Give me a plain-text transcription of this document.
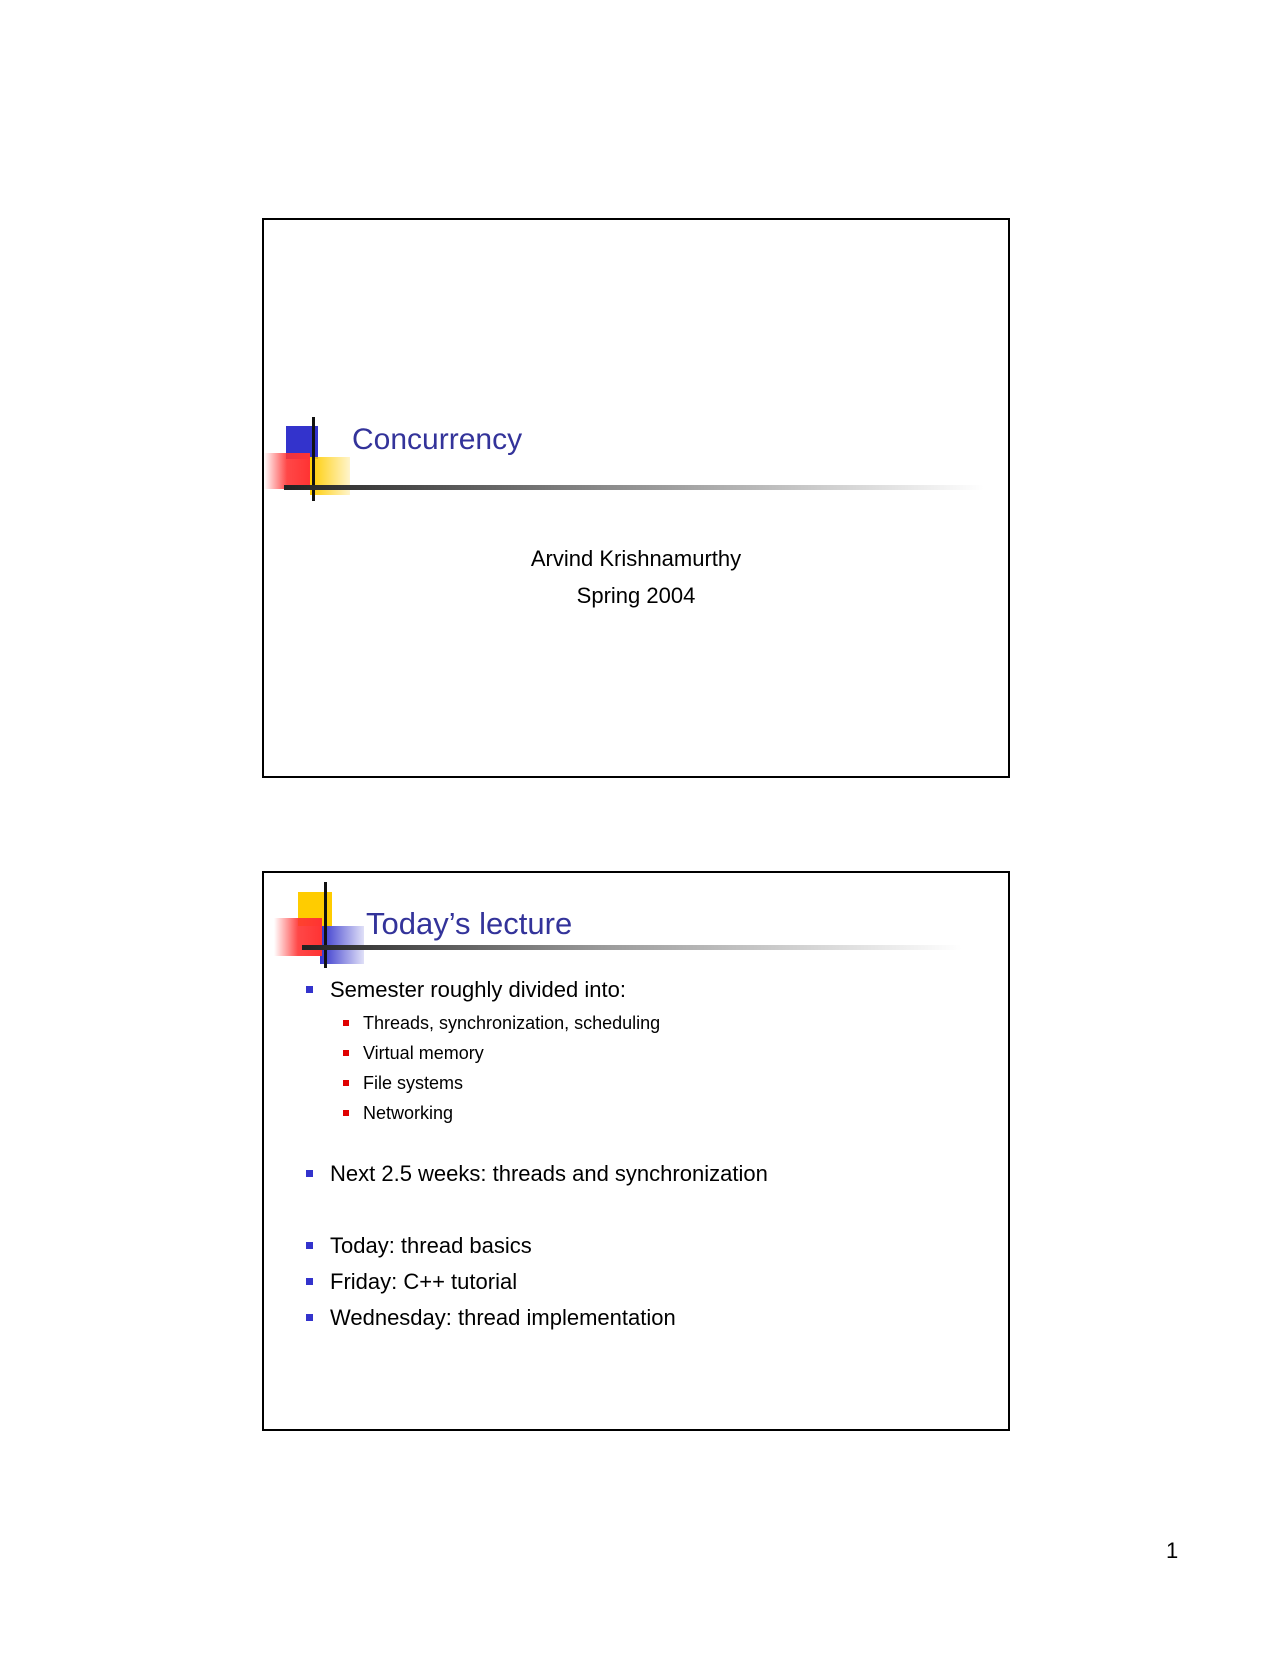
Concurrency
Arvind Krishnamurthy
Spring 2004
Today’s lecture
Semester roughly divided into:
Threads, synchronization, scheduling
Virtual memory
File systems
Networking
Next 2.5 weeks: threads and synchronization
Today: thread basics
Friday: C++ tutorial
Wednesday: thread implementation
1
